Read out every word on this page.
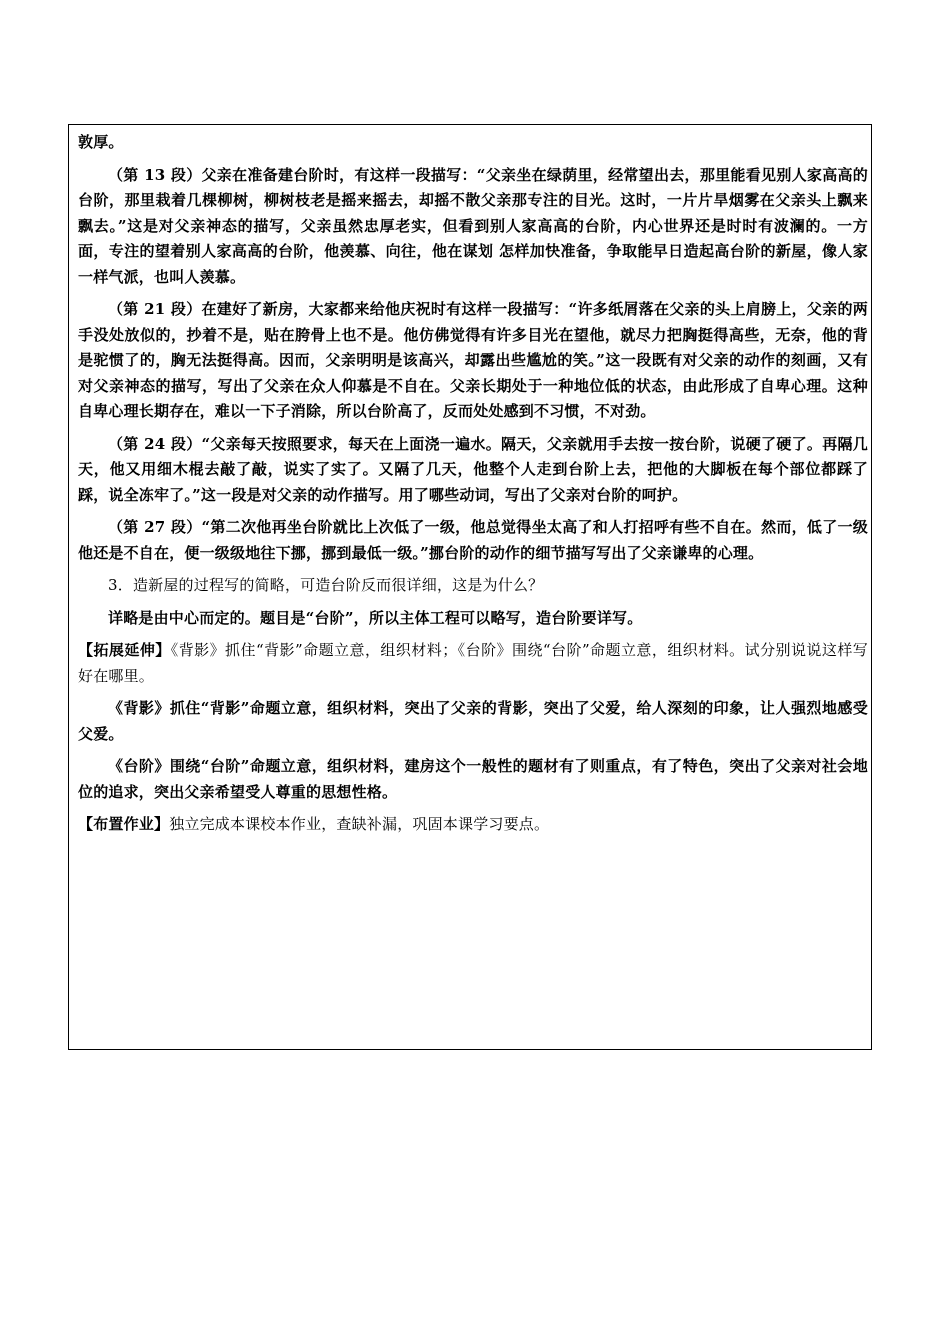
敦厚。

（第 13 段）父亲在准备建台阶时，有这样一段描写：“父亲坐在绿荫里，经常望出去，那里能看见别人家高高的台阶，那里栽着几棵柳树，柳树枝老是摇来摇去，却摇不散父亲那专注的目光。这时，一片片旱烟雾在父亲头上飘来飘去。”这是对父亲神态的描写，父亲虽然忠厚老实，但看到别人家高高的台阶，内心世界还是时时有波澜的。一方面，专注的望着别人家高高的台阶，他羡慕、向往，他在谋划 怎样加快准备，争取能早日造起高台阶的新屋，像人家一样气派，也叫人羡慕。

（第 21 段）在建好了新房，大家都来给他庆祝时有这样一段描写：“许多纸屑落在父亲的头上肩膀上，父亲的两手没处放似的，抄着不是，贴在胯骨上也不是。他仿佛觉得有许多目光在望他，就尽力把胸挺得高些，无奈，他的背是驼惯了的，胸无法挺得高。因而，父亲明明是该高兴，却露出些尴尬的笑。”这一段既有对父亲的动作的刻画，又有对父亲神态的描写，写出了父亲在众人仰慕是不自在。父亲长期处于一种地位低的状态，由此形成了自卑心理。这种自卑心理长期存在，难以一下子消除，所以台阶高了，反而处处感到不习惯，不对劲。

（第 24 段）“父亲每天按照要求，每天在上面浇一遍水。隔天，父亲就用手去按一按台阶，说硬了硬了。再隔几天，他又用细木棍去敲了敲，说实了实了。又隔了几天，他整个人走到台阶上去，把他的大脚板在每个部位都踩了踩，说全冻牢了。”这一段是对父亲的动作描写。用了哪些动词，写出了父亲对台阶的呵护。

（第 27 段）“第二次他再坐台阶就比上次低了一级，他总觉得坐太高了和人打招呼有些不自在。然而，低了一级他还是不自在，便一级级地往下挪，挪到最低一级。”挪台阶的动作的细节描写写出了父亲谦卑的心理。

3．造新屋的过程写的简略，可造台阶反而很详细，这是为什么？

详略是由中心而定的。题目是“台阶”，所以主体工程可以略写，造台阶要详写。

【拓展延伸】《背影》抓住“背影”命题立意，组织材料；《台阶》围绕“台阶”命题立意，组织材料。试分别说说这样写好在哪里。

《背影》抓住“背影”命题立意，组织材料，突出了父亲的背影，突出了父爱，给人深刻的印象，让人强烈地感受父爱。

《台阶》围绕“台阶”命题立意，组织材料，建房这个一般性的题材有了则重点，有了特色，突出了父亲对社会地位的追求，突出父亲希望受人尊重的思想性格。

【布置作业】独立完成本课校本作业，查缺补漏，巩固本课学习要点。
